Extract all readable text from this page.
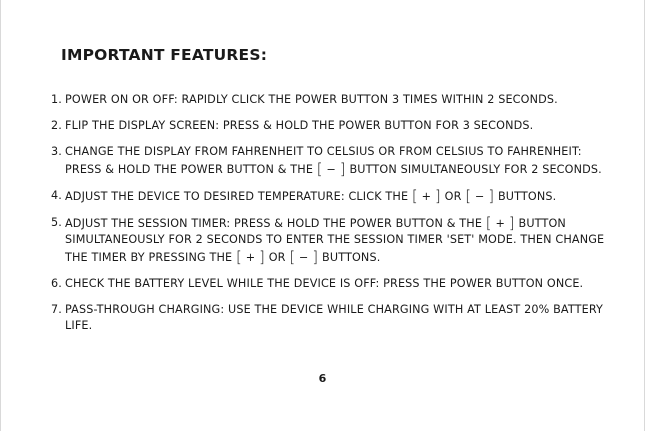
IMPORTANT FEATURES:
1. POWER ON OR OFF: RAPIDLY CLICK THE POWER BUTTON 3 TIMES WITHIN 2 SECONDS.
2. FLIP THE DISPLAY SCREEN: PRESS & HOLD THE POWER BUTTON FOR 3 SECONDS.
3. CHANGE THE DISPLAY FROM FAHRENHEIT TO CELSIUS OR FROM CELSIUS TO FAHRENHEIT: PRESS & HOLD THE POWER BUTTON & THE [ − ] BUTTON SIMULTANEOUSLY FOR 2 SECONDS.
4. ADJUST THE DEVICE TO DESIRED TEMPERATURE: CLICK THE [ + ] OR [ − ] BUTTONS.
5. ADJUST THE SESSION TIMER: PRESS & HOLD THE POWER BUTTON & THE [ + ] BUTTON SIMULTANEOUSLY FOR 2 SECONDS TO ENTER THE SESSION TIMER 'SET' MODE. THEN CHANGE THE TIMER BY PRESSING THE [ + ] OR [ − ] BUTTONS.
6. CHECK THE BATTERY LEVEL WHILE THE DEVICE IS OFF: PRESS THE POWER BUTTON ONCE.
7. PASS-THROUGH CHARGING: USE THE DEVICE WHILE CHARGING WITH AT LEAST 20% BATTERY LIFE.
6
